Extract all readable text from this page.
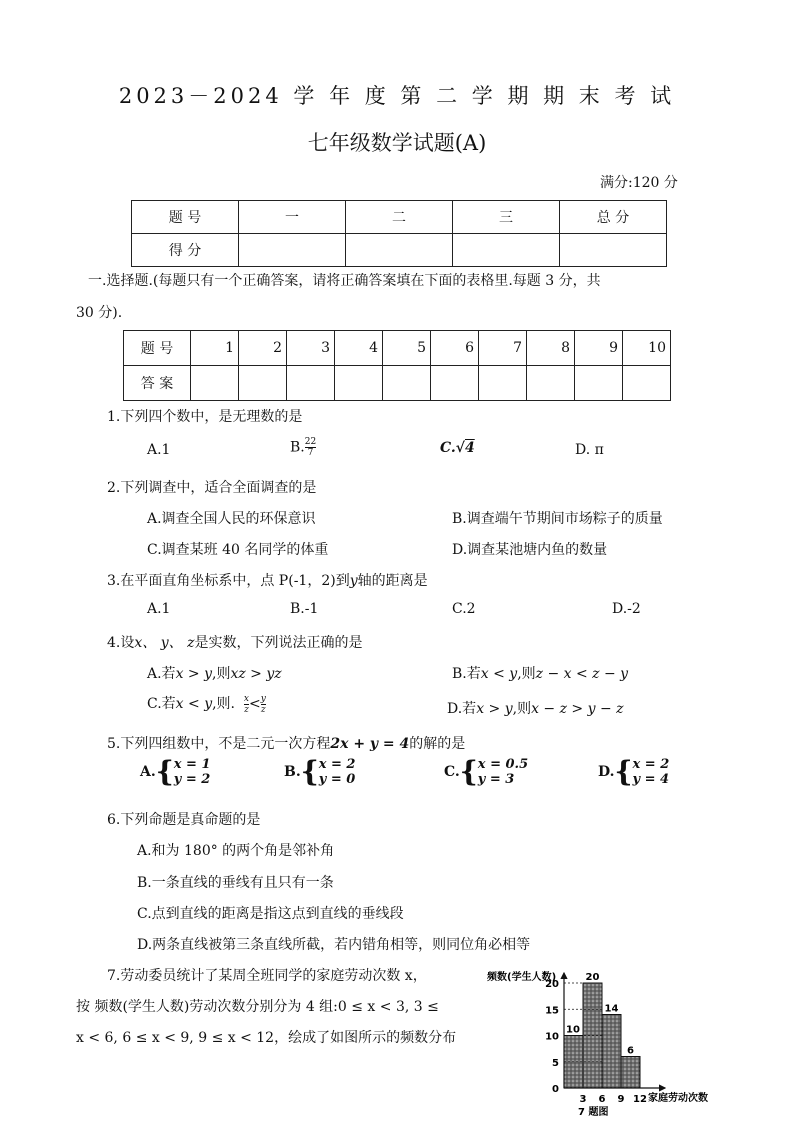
2023－2024 学 年 度 第 二 学 期 期 末 考 试
七年级数学试题(A)
满分:120 分
题 号	一	二	三	总 分
得 分				
一.选择题.(每题只有一个正确答案，请将正确答案填在下面的表格里.每题 3 分，共
30 分).
题 号	1	2	3	4	5	6	7	8	9	10
答 案										
1.下列四个数中，是无理数的是
A.1	B. $\frac{22}{7}$	C.√4	D. π
2.下列调查中，适合全面调查的是
A.调查全国人民的环保意识	B.调查端午节期间市场粽子的质量
C.调查某班 40 名同学的体重	D.调查某池塘内鱼的数量
3.在平面直角坐标系中，点 P(-1，2)到y轴的距离是
A.1	B.-1	C.2	D.-2
4.设x、 y、 z是实数，下列说法正确的是
A.若x > y,则xz > yz	B.若x < y,则z − x < z − y
C.若x < y,则. $\frac{x}{z} < \frac{y}{z}$	D.若x > y,则x − z > y − z
5.下列四组数中，不是二元一次方程2x + y = 4的解的是
A.{x = 1
y = 2	B.{x = 2
y = 0	C.{x = 0.5
y = 3	D.{x = 2
y = 4
6.下列命题是真命题的是
A.和为 180° 的两个角是邻补角
B.一条直线的垂线有且只有一条
C.点到直线的距离是指这点到直线的垂线段
D.两条直线被第三条直线所截，若内错角相等，则同位角必相等
7.劳动委员统计了某周全班同学的家庭劳动次数 x，
按 频数(学生人数)劳动次数分别分为 4 组:0 ≤ x < 3, 3 ≤
x < 6, 6 ≤ x < 9, 9 ≤ x < 12，绘成了如图所示的频数分布
0
5
10
15
20
3 6 9 12
10
20
14
6
频数(学生人数)
家庭劳动次数
7 题图
